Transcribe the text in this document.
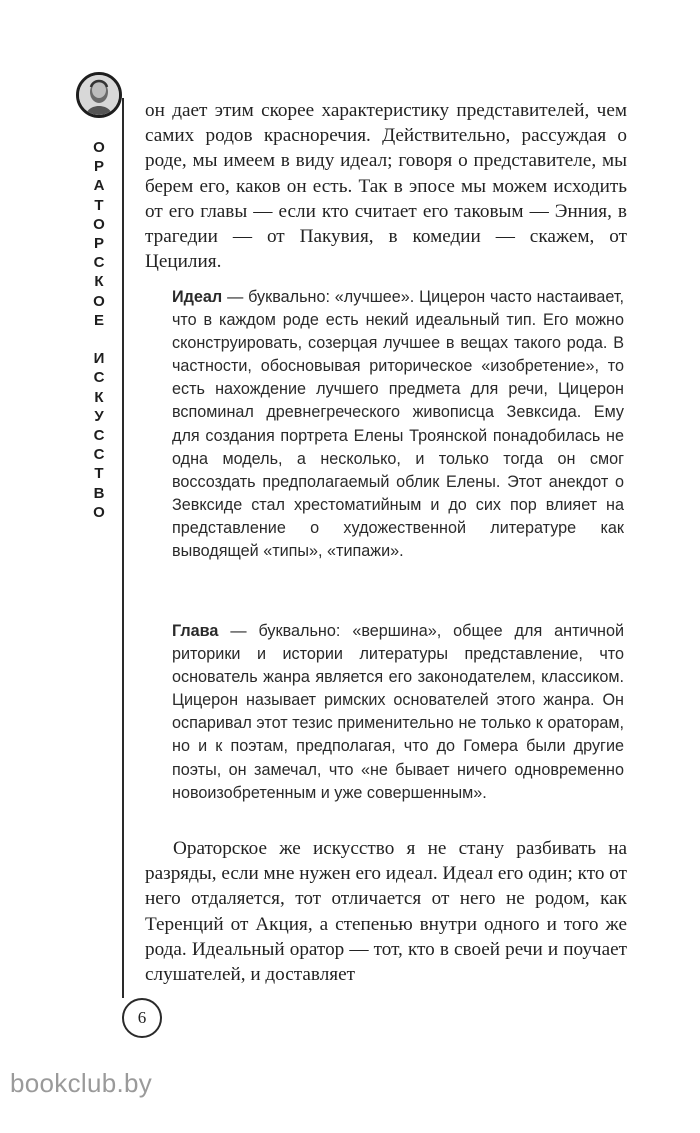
О
Р
А
Т
О
Р
С
К
О
Е

И
С
К
У
С
С
Т
В
О
он дает этим скорее характеристику представителей, чем самих родов красноречия. Действительно, рассуждая о роде, мы имеем в виду идеал; говоря о представителе, мы берем его, каков он есть. Так в эпосе мы можем исходить от его главы — если кто считает его таковым — Энния, в трагедии — от Пакувия, в комедии — скажем, от Цецилия.
Идеал — буквально: «лучшее». Цицерон часто настаивает, что в каждом роде есть некий идеальный тип. Его можно сконструировать, созерцая лучшее в вещах такого рода. В частности, обосновывая риторическое «изобретение», то есть нахождение лучшего предмета для речи, Цицерон вспоминал древнегреческого живописца Зевксида. Ему для создания портрета Елены Троянской понадобилась не одна модель, а несколько, и только тогда он смог воссоздать предполагаемый облик Елены. Этот анекдот о Зевксиде стал хрестоматийным и до сих пор влияет на представление о художественной литературе как выводящей «типы», «типажи».
Глава — буквально: «вершина», общее для античной риторики и истории литературы представление, что основатель жанра является его законодателем, классиком. Цицерон называет римских основателей этого жанра. Он оспаривал этот тезис применительно не только к ораторам, но и к поэтам, предполагая, что до Гомера были другие поэты, он замечал, что «не бывает ничего одновременно новоизобретенным и уже совершенным».
Ораторское же искусство я не стану разбивать на разряды, если мне нужен его идеал. Идеал его один; кто от него отдаляется, тот отличается от него не родом, как Теренций от Акция, а степенью внутри одного и того же рода. Идеальный оратор — тот, кто в своей речи и поучает слушателей, и доставляет
6
bookclub.by
